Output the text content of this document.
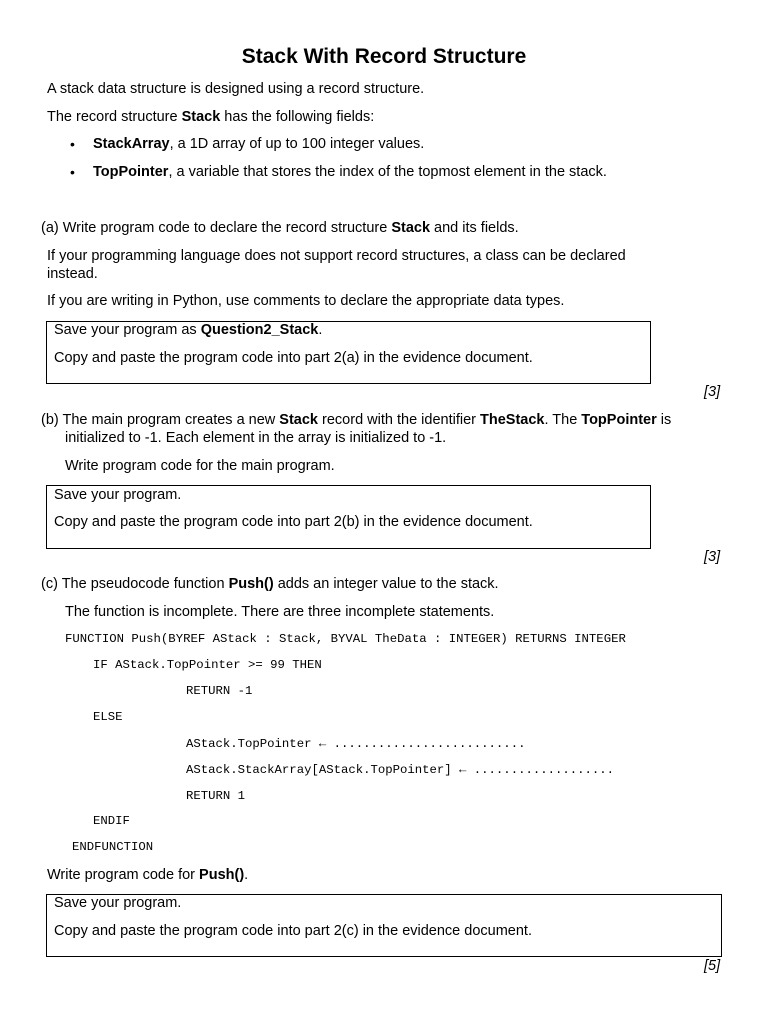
Stack With Record Structure
A stack data structure is designed using a record structure.
The record structure Stack has the following fields:
• StackArray, a 1D array of up to 100 integer values.
• TopPointer, a variable that stores the index of the topmost element in the stack.
(a) Write program code to declare the record structure Stack and its fields.
If your programming language does not support record structures, a class can be declared
instead.
If you are writing in Python, use comments to declare the appropriate data types.
Save your program as Question2_Stack.
Copy and paste the program code into part 2(a) in the evidence document.
[3]
(b) The main program creates a new Stack record with the identifier TheStack. The TopPointer is
initialized to -1. Each element in the array is initialized to -1.
Write program code for the main program.
Save your program.
Copy and paste the program code into part 2(b) in the evidence document.
[3]
(c) The pseudocode function Push() adds an integer value to the stack.
The function is incomplete. There are three incomplete statements.
FUNCTION Push(BYREF AStack : Stack, BYVAL TheData : INTEGER) RETURNS INTEGER
IF AStack.TopPointer >= 99 THEN
RETURN -1
ELSE
AStack.TopPointer ← ..........................
AStack.StackArray[AStack.TopPointer] ← ...................
RETURN 1
ENDIF
ENDFUNCTION
Write program code for Push().
Save your program.
Copy and paste the program code into part 2(c) in the evidence document.
[5]
